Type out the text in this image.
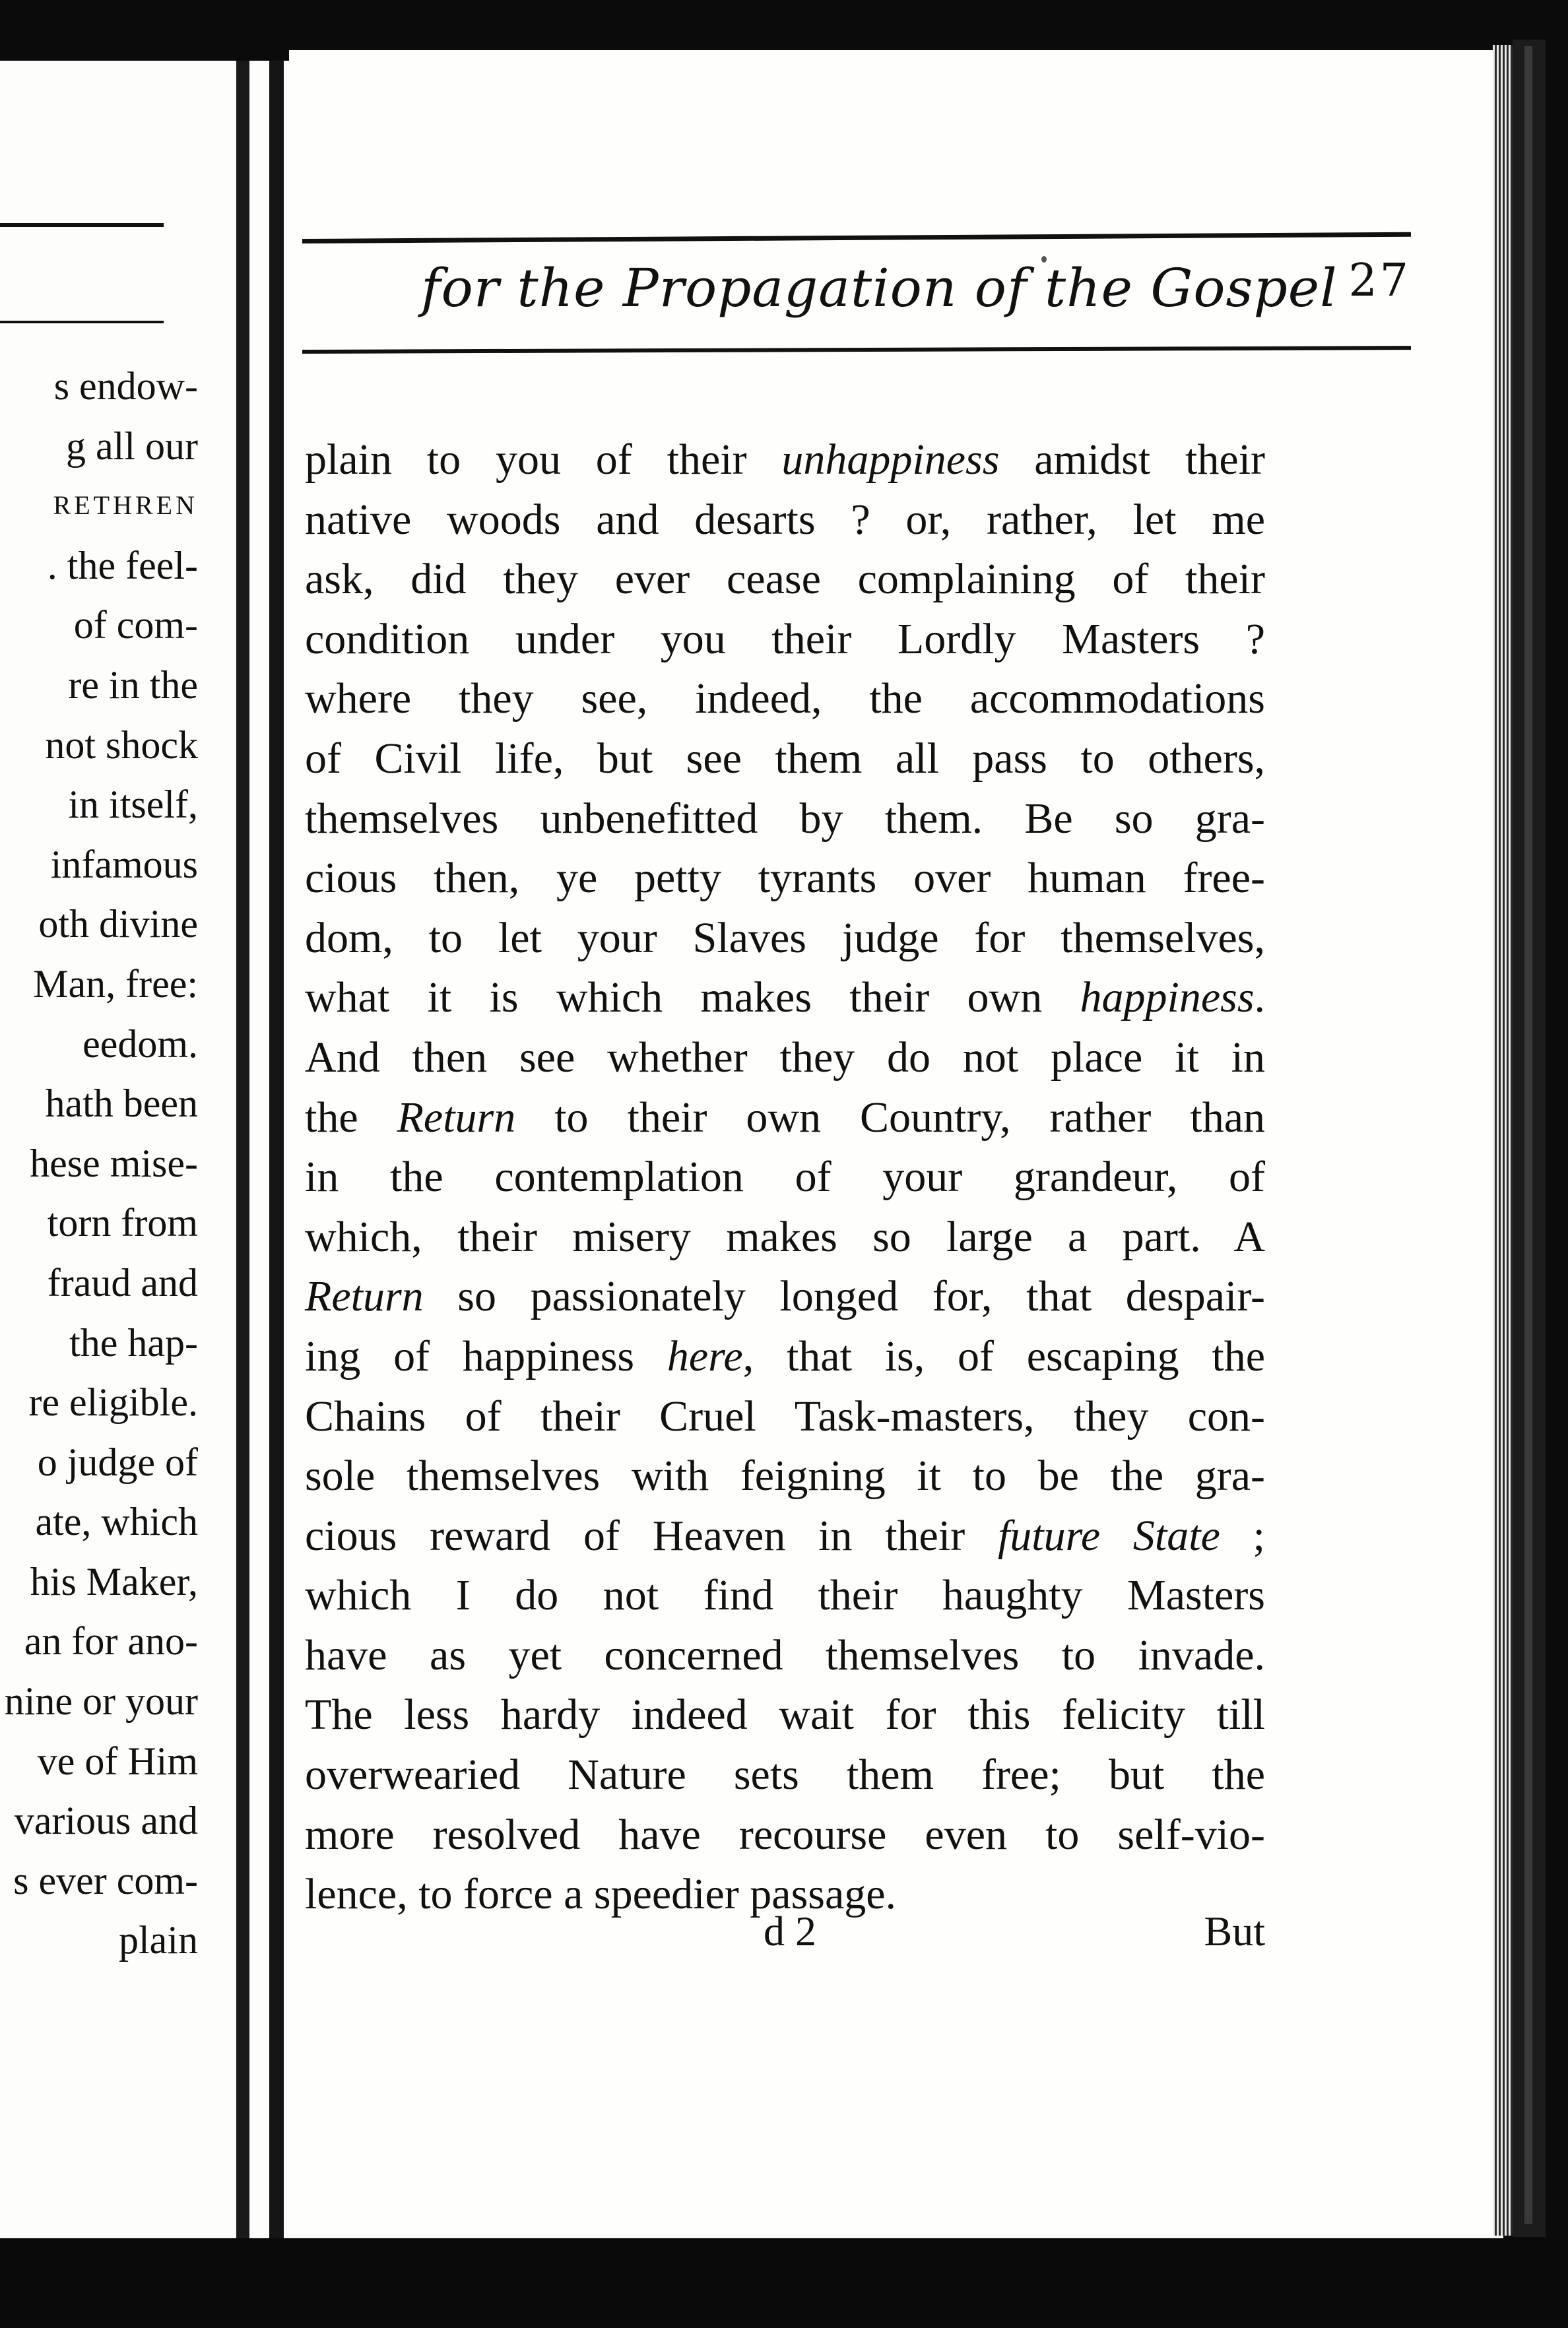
s endow-
g all our
RETHREN
. the feel-
of com-
re in the
not shock
in itself,
infamous
oth divine
Man, free:
eedom.
hath been
hese mise-
torn from
fraud and
the hap-
re eligible.
o judge of
ate, which
his Maker,
an for ano-
nine or your
ve of Him
various and
s ever com-
plain
for the Propagation of the Gospel 27
plain to you of their unhappiness amidst their
native woods and desarts ? or, rather, let me
ask, did they ever cease complaining of their
condition under you their Lordly Masters ?
where they see, indeed, the accommodations
of Civil life, but see them all pass to others,
themselves unbenefitted by them. Be so gra-
cious then, ye petty tyrants over human free-
dom, to let your Slaves judge for themselves,
what it is which makes their own happiness.
And then see whether they do not place it in
the Return to their own Country, rather than
in the contemplation of your grandeur, of
which, their misery makes so large a part. A
Return so passionately longed for, that despair-
ing of happiness here, that is, of escaping the
Chains of their Cruel Task-masters, they con-
sole themselves with feigning it to be the gra-
cious reward of Heaven in their future State ;
which I do not find their haughty Masters
have as yet concerned themselves to invade.
The less hardy indeed wait for this felicity till
overwearied Nature sets them free; but the
more resolved have recourse even to self-vio-
lence, to force a speedier passage.
d 2	But
